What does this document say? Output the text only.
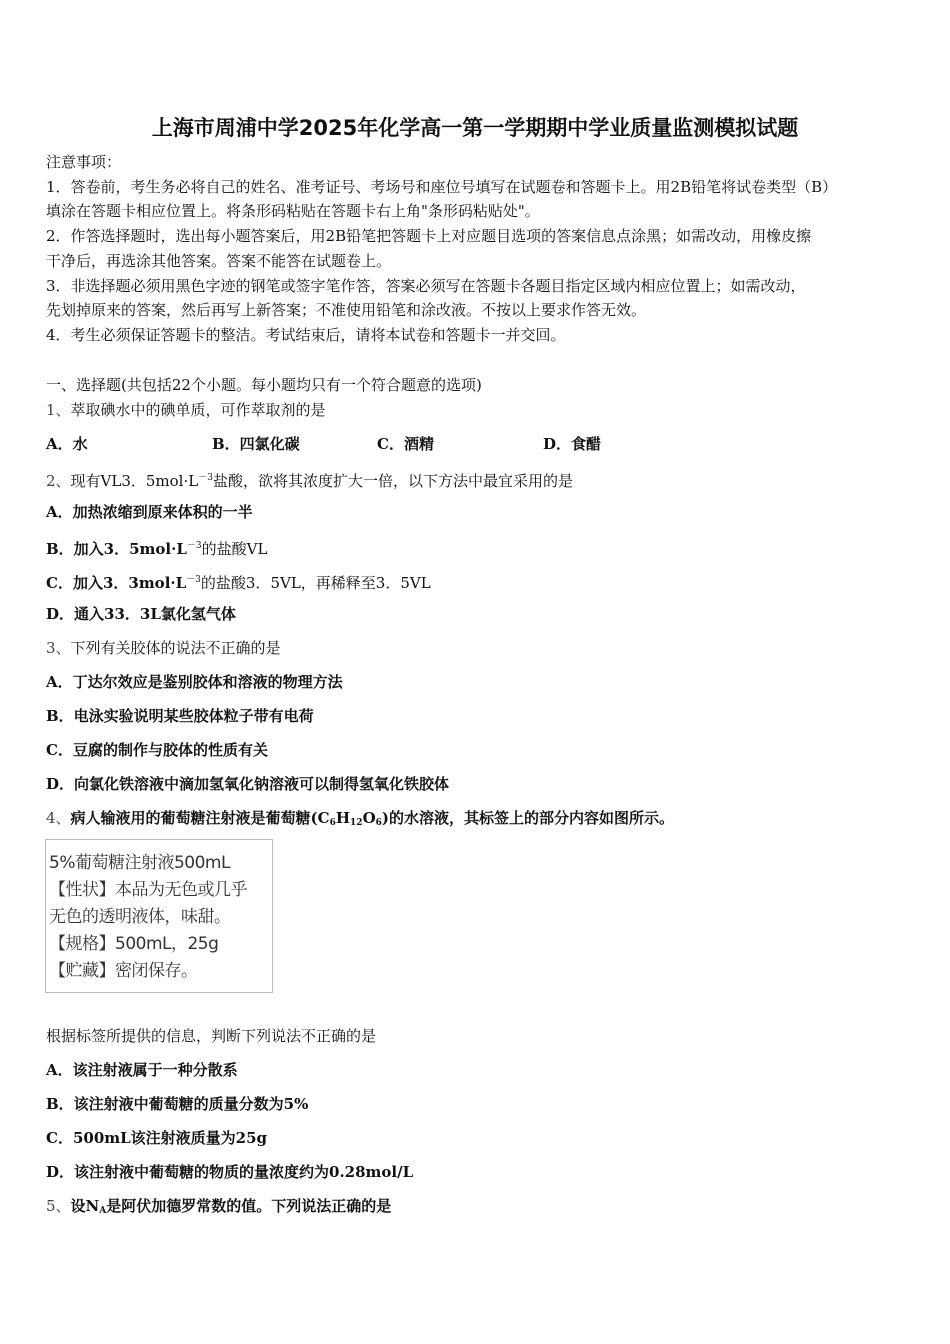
上海市周浦中学2025年化学高一第一学期期中学业质量监测模拟试题
注意事项：
1．答卷前，考生务必将自己的姓名、准考证号、考场号和座位号填写在试题卷和答题卡上。用2B铅笔将试卷类型（B）
填涂在答题卡相应位置上。将条形码粘贴在答题卡右上角"条形码粘贴处"。
2．作答选择题时，选出每小题答案后，用2B铅笔把答题卡上对应题目选项的答案信息点涂黑；如需改动，用橡皮擦
干净后，再选涂其他答案。答案不能答在试题卷上。
3．非选择题必须用黑色字迹的钢笔或签字笔作答，答案必须写在答题卡各题目指定区域内相应位置上；如需改动，
先划掉原来的答案，然后再写上新答案；不准使用铅笔和涂改液。不按以上要求作答无效。
4．考生必须保证答题卡的整洁。考试结束后，请将本试卷和答题卡一并交回。
一、选择题(共包括22个小题。每小题均只有一个符合题意的选项)
1、萃取碘水中的碘单质，可作萃取剂的是
A．水	B．四氯化碳	C．酒精	D．食醋
2、现有VL3．$5mol\cdot L^{-3}$盐酸，欲将其浓度扩大一倍，以下方法中最宜采用的是
A．加热浓缩到原来体积的一半
B．加入3．$5mol\cdot L^{-3}$的盐酸VL
C．加入3．$3mol\cdot L^{-3}$的盐酸3．5VL，再稀释至3．5VL
D．通入33．3L氯化氢气体
3、下列有关胶体的说法不正确的是
A．丁达尔效应是鉴别胶体和溶液的物理方法
B．电泳实验说明某些胶体粒子带有电荷
C．豆腐的制作与胶体的性质有关
D．向氯化铁溶液中滴加氢氧化钠溶液可以制得氢氧化铁胶体
4、病人输液用的葡萄糖注射液是葡萄糖$(C_6H_{12}O_6)$的水溶液，其标签上的部分内容如图所示。
5%葡萄糖注射液500mL
【性状】本品为无色或几乎
无色的透明液体，味甜。
【规格】500mL，25g
【贮藏】密闭保存。
根据标签所提供的信息，判断下列说法不正确的是
A．该注射液属于一种分散系
B．该注射液中葡萄糖的质量分数为5%
C．500mL该注射液质量为25g
D．该注射液中葡萄糖的物质的量浓度约为0.28mol/L
5、设$N_A$是阿伏加德罗常数的值。下列说法正确的是
